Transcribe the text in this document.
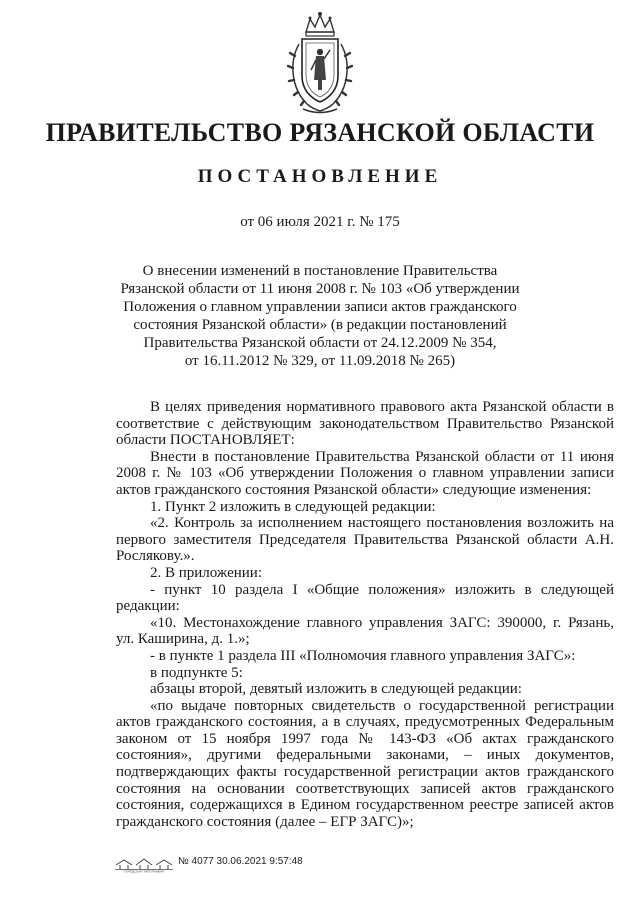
ПРАВИТЕЛЬСТВО РЯЗАНСКОЙ ОБЛАСТИ
ПОСТАНОВЛЕНИЕ
от 06 июля 2021 г. № 175
О внесении изменений в постановление Правительства
Рязанской области от 11 июня 2008 г. № 103 «Об утверждении
Положения о главном управлении записи актов гражданского
состояния Рязанской области» (в редакции постановлений
Правительства Рязанской области от 24.12.2009 № 354,
от 16.11.2012 № 329, от 11.09.2018 № 265)

В целях приведения нормативного правового акта Рязанской области в соответствие с действующим законодательством Правительство Рязанской области ПОСТАНОВЛЯЕТ:

Внести в постановление Правительства Рязанской области от 11 июня 2008 г. № 103 «Об утверждении Положения о главном управлении записи актов гражданского состояния Рязанской области» следующие изменения:

1. Пункт 2 изложить в следующей редакции:

«2. Контроль за исполнением настоящего постановления возложить на первого заместителя Председателя Правительства Рязанской области А.Н. Рослякову.».

2. В приложении:

- пункт 10 раздела I «Общие положения» изложить в следующей редакции:

«10. Местонахождение главного управления ЗАГС: 390000, г. Рязань, ул. Каширина, д. 1.»;

- в пункте 1 раздела III «Полномочия главного управления ЗАГС»:

в подпункте 5:

абзацы второй, девятый изложить в следующей редакции:

«по выдаче повторных свидетельств о государственной регистрации актов гражданского состояния, а в случаях, предусмотренных Федеральным законом от 15 ноября 1997 года № 143-ФЗ «Об актах гражданского состояния», другими федеральными законами, – иных документов, подтверждающих факты государственной регистрации актов гражданского состояния на основании соответствующих записей актов гражданского состояния, содержащихся в Едином государственном реестре записей актов гражданского состояния (далее – ЕГР ЗАГС)»;

ГОРОДСКАЯ ТИПОГРАФИЯ
№ 4077 30.06.2021 9:57:48
